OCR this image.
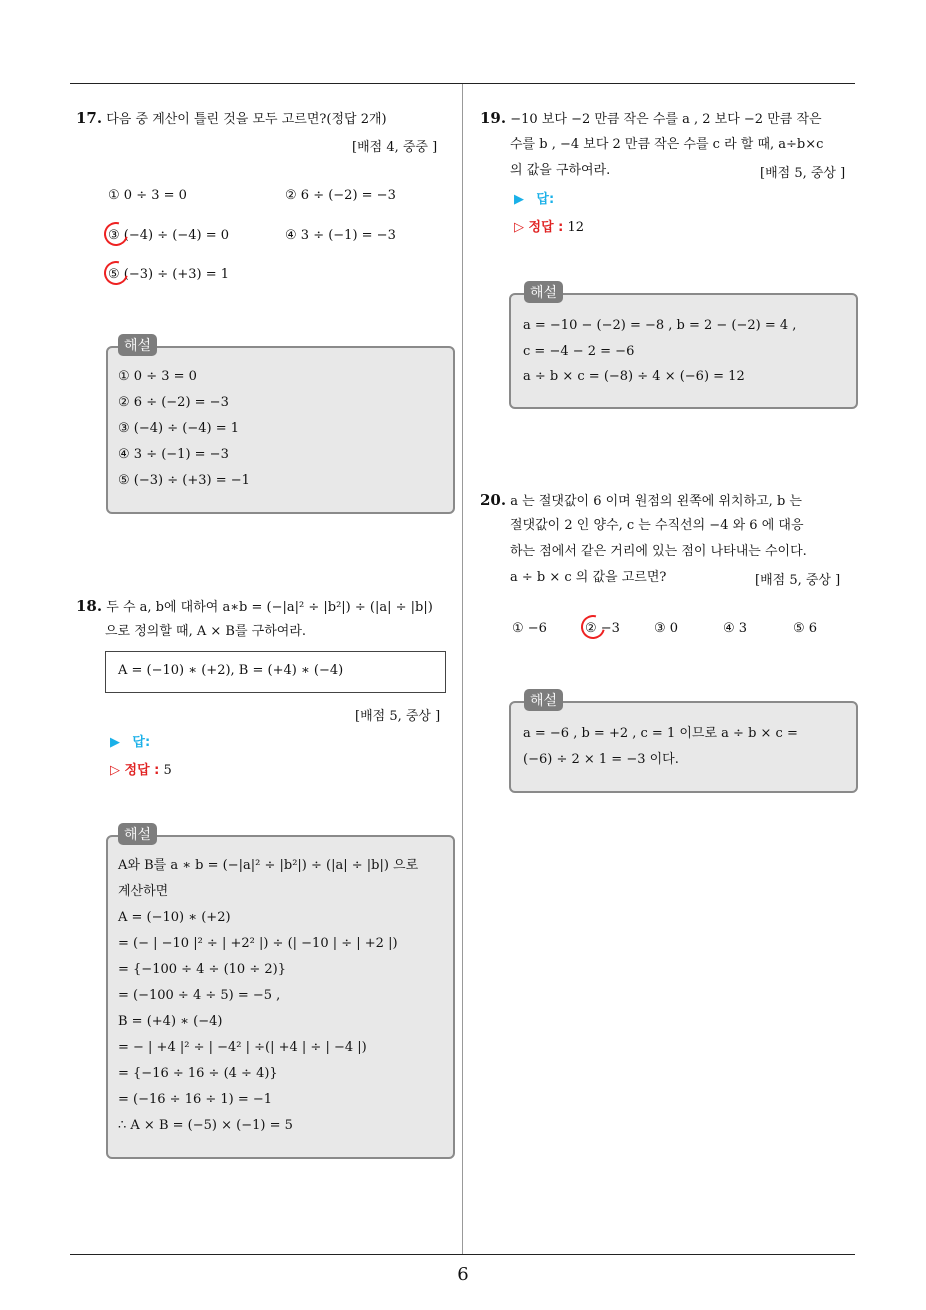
17. 다음 중 계산이 틀린 것을 모두 고르면?(정답 2개)
[배점 4, 중중 ]
① 0 ÷ 3 = 0	② 6 ÷ (−2) = −3
③ (−4) ÷ (−4) = 0	④ 3 ÷ (−1) = −3
⑤ (−3) ÷ (+3) = 1
① 0 ÷ 3 = 0
② 6 ÷ (−2) = −3
③ (−4) ÷ (−4) = 1
④ 3 ÷ (−1) = −3
⑤ (−3) ÷ (+3) = −1
해설
18. 두 수 a, b에 대하여 a∗b = (−|a|² ÷ |b²|) ÷ (|a| ÷ |b|)
으로 정의할 때, A × B를 구하여라.
A = (−10) ∗ (+2), B = (+4) ∗ (−4)
[배점 5, 중상 ]
▶ 답:
▷ 정답 : 5
A와 B를 a ∗ b = (−|a|² ÷ |b²|) ÷ (|a| ÷ |b|) 으로
계산하면
A = (−10) ∗ (+2)
= (− | −10 |² ÷ | +2² |) ÷ (| −10 | ÷ | +2 |)
= {−100 ÷ 4 ÷ (10 ÷ 2)}
= (−100 ÷ 4 ÷ 5) = −5 ,
B = (+4) ∗ (−4)
= − | +4 |² ÷ | −4² | ÷(| +4 | ÷ | −4 |)
= {−16 ÷ 16 ÷ (4 ÷ 4)}
= (−16 ÷ 16 ÷ 1) = −1
∴ A × B = (−5) × (−1) = 5
해설
19. −10 보다 −2 만큼 작은 수를 a , 2 보다 −2 만큼 작은
수를 b , −4 보다 2 만큼 작은 수를 c 라 할 때, a÷b×c
의 값을 구하여라.	[배점 5, 중상 ]
▶ 답:
▷ 정답 : 12
a = −10 − (−2) = −8 , b = 2 − (−2) = 4 ,
c = −4 − 2 = −6
a ÷ b × c = (−8) ÷ 4 × (−6) = 12
해설
20. a 는 절댓값이 6 이며 원점의 왼쪽에 위치하고, b 는
절댓값이 2 인 양수, c 는 수직선의 −4 와 6 에 대응
하는 점에서 같은 거리에 있는 점이 나타내는 수이다.
a ÷ b × c 의 값을 고르면?	[배점 5, 중상 ]
① −6	② −3	③ 0	④ 3	⑤ 6
a = −6 , b = +2 , c = 1 이므로 a ÷ b × c =
(−6) ÷ 2 × 1 = −3 이다.
해설
6
